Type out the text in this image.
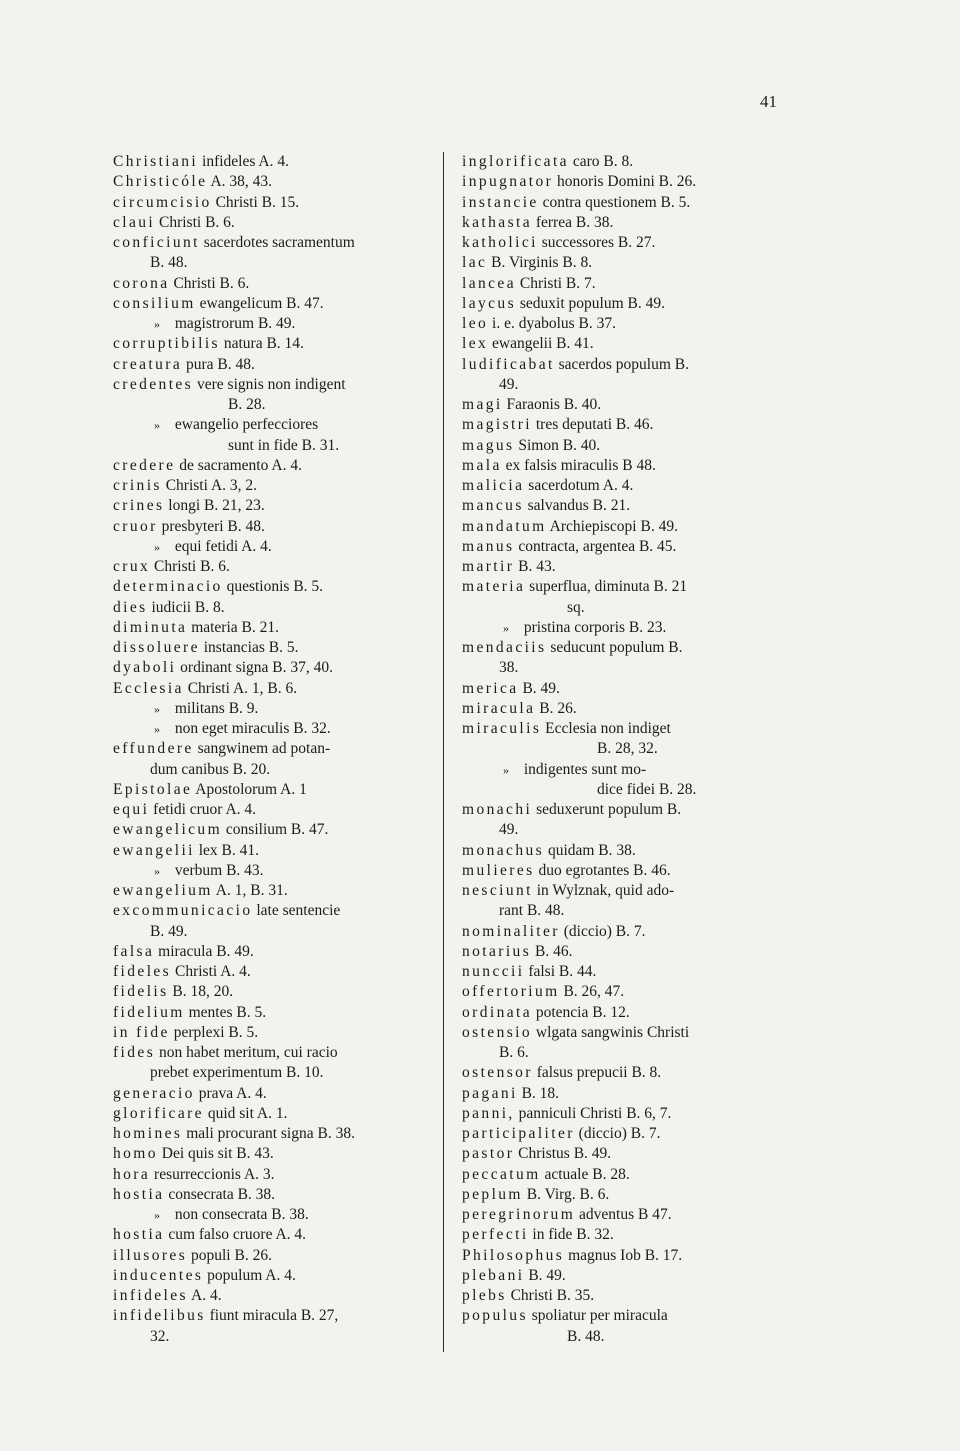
41
Christiani infideles A. 4.
Christicóle A. 38, 43.
circumcisio Christi B. 15.
claui Christi B. 6.
conficiunt sacerdotes sacramentum
B. 48.
corona Christi B. 6.
consilium ewangelicum B. 47.
» magistrorum B. 49.
corruptibilis natura B. 14.
creatura pura B. 48.
credentes vere signis non indigent
B. 28.
» ewangelio perfecciores
sunt in fide B. 31.
credere de sacramento A. 4.
crinis Christi A. 3, 2.
crines longi B. 21, 23.
cruor presbyteri B. 48.
» equi fetidi A. 4.
crux Christi B. 6.
determinacio questionis B. 5.
dies iudicii B. 8.
diminuta materia B. 21.
dissoluere instancias B. 5.
dyaboli ordinant signa B. 37, 40.
Ecclesia Christi A. 1, B. 6.
» militans B. 9.
» non eget miraculis B. 32.
effundere sangwinem ad potan-
dum canibus B. 20.
Epistolae Apostolorum A. 1
equi fetidi cruor A. 4.
ewangelicum consilium B. 47.
ewangelii lex B. 41.
» verbum B. 43.
ewangelium A. 1, B. 31.
excommunicacio late sentencie
B. 49.
falsa miracula B. 49.
fideles Christi A. 4.
fidelis B. 18, 20.
fidelium mentes B. 5.
in fide perplexi B. 5.
fides non habet meritum, cui racio
prebet experimentum B. 10.
generacio prava A. 4.
glorificare quid sit A. 1.
homines mali procurant signa B. 38.
homo Dei quis sit B. 43.
hora resurreccionis A. 3.
hostia consecrata B. 38.
» non consecrata B. 38.
hostia cum falso cruore A. 4.
illusores populi B. 26.
inducentes populum A. 4.
infideles A. 4.
infidelibus fiunt miracula B. 27,
32.
inglorificata caro B. 8.
inpugnator honoris Domini B. 26.
instancie contra questionem B. 5.
kathasta ferrea B. 38.
katholici successores B. 27.
lac B. Virginis B. 8.
lancea Christi B. 7.
laycus seduxit populum B. 49.
leo i. e. dyabolus B. 37.
lex ewangelii B. 41.
ludificabat sacerdos populum B.
49.
magi Faraonis B. 40.
magistri tres deputati B. 46.
magus Simon B. 40.
mala ex falsis miraculis B 48.
malicia sacerdotum A. 4.
mancus salvandus B. 21.
mandatum Archiepiscopi B. 49.
manus contracta, argentea B. 45.
martir B. 43.
materia superflua, diminuta B. 21
sq.
» pristina corporis B. 23.
mendaciis seducunt populum B.
38.
merica B. 49.
miracula B. 26.
miraculis Ecclesia non indiget
B. 28, 32.
» indigentes sunt mo-
dice fidei B. 28.
monachi seduxerunt populum B.
49.
monachus quidam B. 38.
mulieres duo egrotantes B. 46.
nesciunt in Wylznak, quid ado-
rant B. 48.
nominaliter (diccio) B. 7.
notarius B. 46.
nunccii falsi B. 44.
offertorium B. 26, 47.
ordinata potencia B. 12.
ostensio wlgata sangwinis Christi
B. 6.
ostensor falsus prepucii B. 8.
pagani B. 18.
panni, panniculi Christi B. 6, 7.
participaliter (diccio) B. 7.
pastor Christus B. 49.
peccatum actuale B. 28.
peplum B. Virg. B. 6.
peregrinorum adventus B 47.
perfecti in fide B. 32.
Philosophus magnus Iob B. 17.
plebani B. 49.
plebs Christi B. 35.
populus spoliatur per miracula
B. 48.
